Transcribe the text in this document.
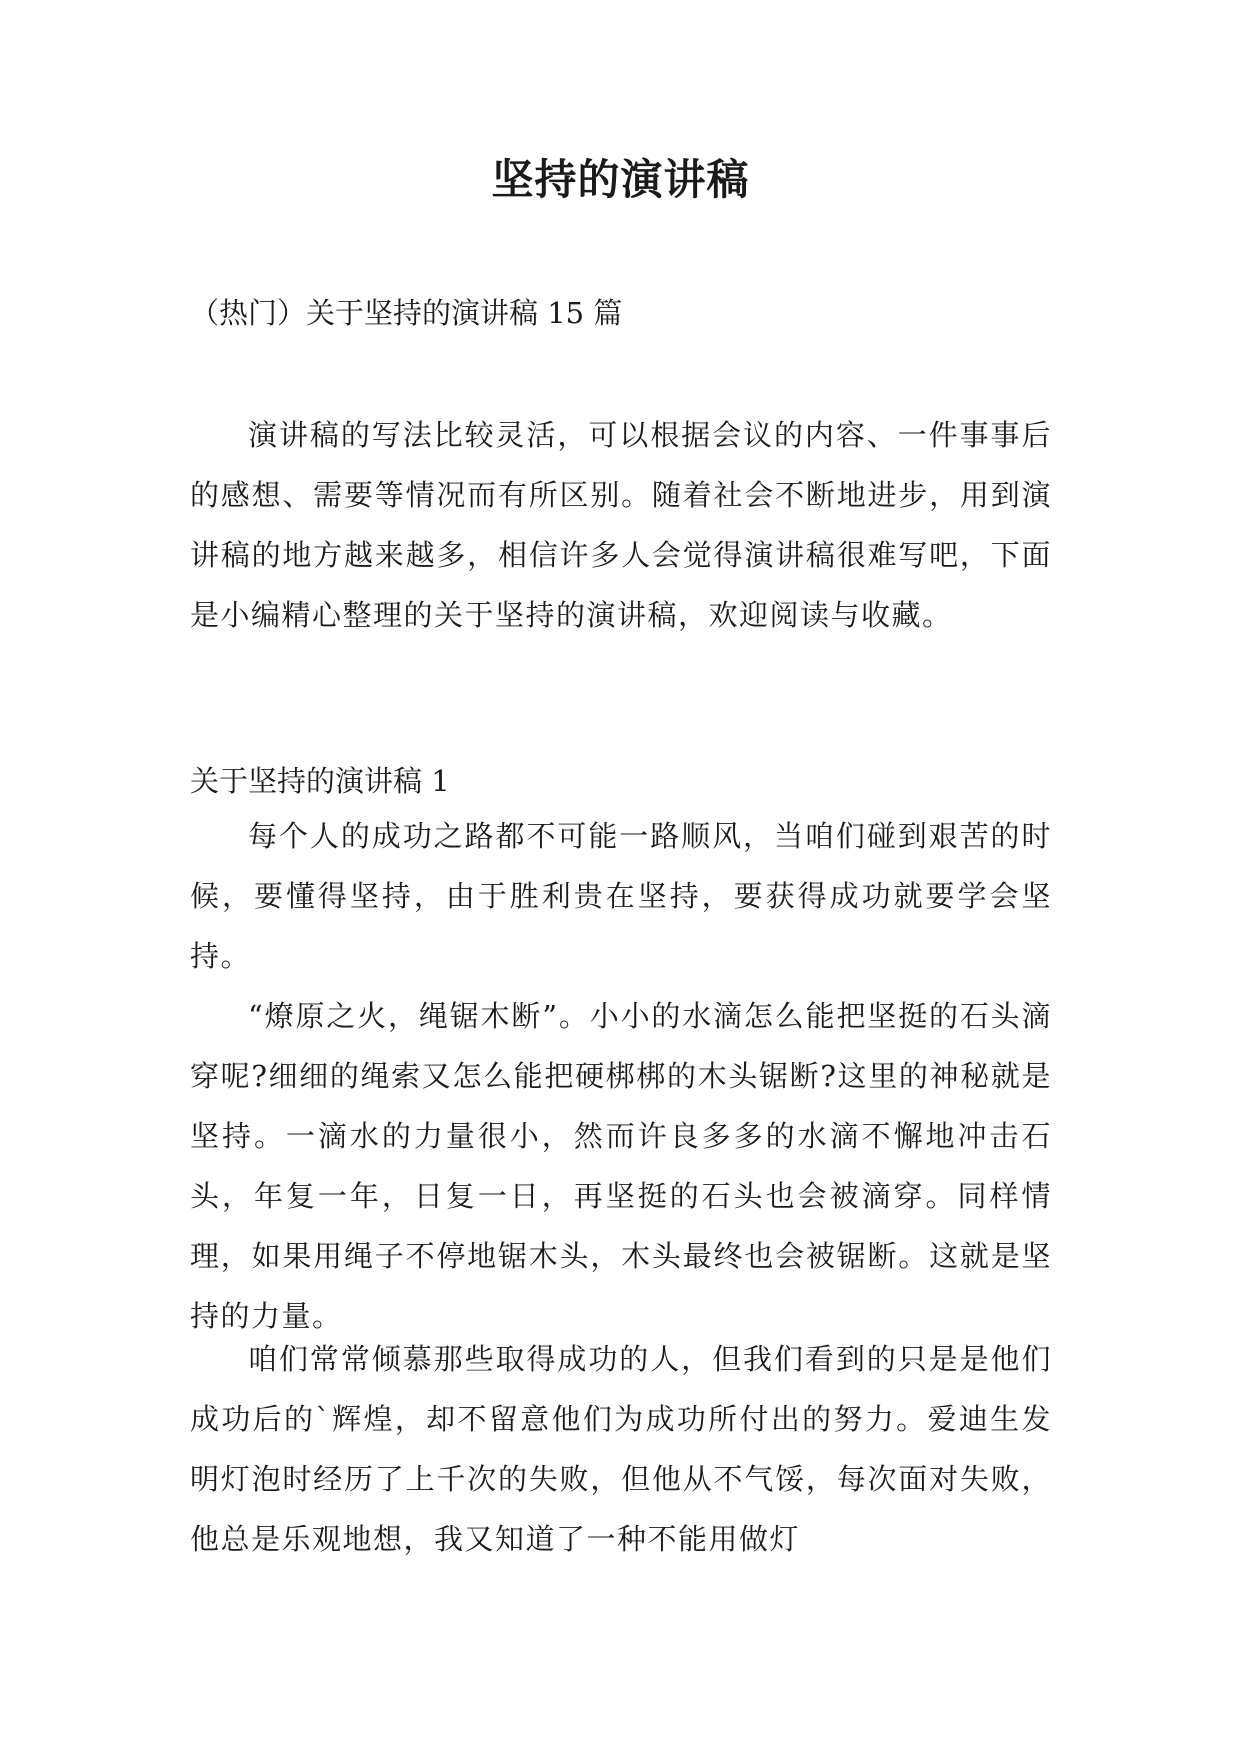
坚持的演讲稿

（热门）关于坚持的演讲稿 15 篇

演讲稿的写法比较灵活，可以根据会议的内容、一件事事后的感想、需要等情况而有所区别。随着社会不断地进步，用到演讲稿的地方越来越多，相信许多人会觉得演讲稿很难写吧，下面是小编精心整理的关于坚持的演讲稿，欢迎阅读与收藏。

关于坚持的演讲稿 1

每个人的成功之路都不可能一路顺风，当咱们碰到艰苦的时候，要懂得坚持，由于胜利贵在坚持，要获得成功就要学会坚持。

“燎原之火，绳锯木断”。小小的水滴怎么能把坚挺的石头滴穿呢?细细的绳索又怎么能把硬梆梆的木头锯断?这里的神秘就是坚持。一滴水的力量很小，然而许良多多的水滴不懈地冲击石头，年复一年，日复一日，再坚挺的石头也会被滴穿。同样情理，如果用绳子不停地锯木头，木头最终也会被锯断。这就是坚持的力量。

咱们常常倾慕那些取得成功的人，但我们看到的只是是他们成功后的`辉煌，却不留意他们为成功所付出的努力。爱迪生发明灯泡时经历了上千次的失败，但他从不气馁，每次面对失败，他总是乐观地想，我又知道了一种不能用做灯
